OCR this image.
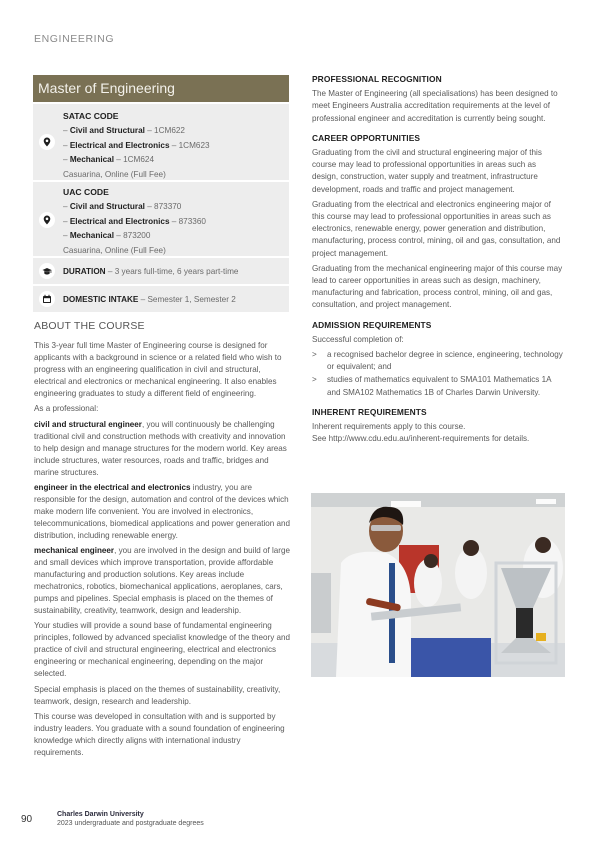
ENGINEERING
Master of Engineering
SATAC CODE
– Civil and Structural – 1CM622
– Electrical and Electronics – 1CM623
– Mechanical – 1CM624
Casuarina, Online (Full Fee)
UAC CODE
– Civil and Structural – 873370
– Electrical and Electronics – 873360
– Mechanical – 873200
Casuarina, Online (Full Fee)
DURATION – 3 years full-time, 6 years part-time
DOMESTIC INTAKE – Semester 1, Semester 2
ABOUT THE COURSE

This 3-year full time Master of Engineering course is designed for applicants with a background in science or a related field who wish to progress with an engineering qualification in civil and structural, electrical and electronics or mechanical engineering. It also enables engineering graduates to study a different field of engineering.

As a professional:

civil and structural engineer, you will continuously be challenging traditional civil and construction methods with creativity and innovation to help design and manage structures for the modern world. Key areas include structures, water resources, roads and traffic, bridges and marine structures.

engineer in the electrical and electronics industry, you are responsible for the design, automation and control of the devices which make modern life convenient. You are involved in electronics, telecommunications, biomedical applications and power generation and distribution, including renewable energy.

mechanical engineer, you are involved in the design and build of large and small devices which improve transportation, provide affordable manufacturing and production solutions. Key areas include mechatronics, robotics, biomechanical applications, aeroplanes, cars, pumps and pipelines. Special emphasis is placed on the themes of sustainability, creativity, teamwork, design and leadership.

Your studies will provide a sound base of fundamental engineering principles, followed by advanced specialist knowledge of the theory and practice of civil and structural engineering, electrical and electronics engineering or mechanical engineering, depending on the major selected.

Special emphasis is placed on the themes of sustainability, creativity, teamwork, design, research and leadership.

This course was developed in consultation with and is supported by industry leaders. You graduate with a sound foundation of engineering knowledge which directly aligns with international industry requirements.

PROFESSIONAL RECOGNITION

The Master of Engineering (all specialisations) has been designed to meet Engineers Australia accreditation requirements at the level of professional engineer and accreditation is currently being sought.

CAREER OPPORTUNITIES

Graduating from the civil and structural engineering major of this course may lead to professional opportunities in areas such as design, construction, water supply and treatment, infrastructure development, roads and traffic and project management.

Graduating from the electrical and electronics engineering major of this course may lead to professional opportunities in areas such as electronics, renewable energy, power generation and distribution, manufacturing, process control, mining, oil and gas, consultation, and project management.

Graduating from the mechanical engineering major of this course may lead to career opportunities in areas such as design, machinery, manufacturing and fabrication, process control, mining, oil and gas, consultation, and project management.

ADMISSION REQUIREMENTS

Successful completion of:

> a recognised bachelor degree in science, engineering, technology or equivalent; and
> studies of mathematics equivalent to SMA101 Mathematics 1A and SMA102 Mathematics 1B of Charles Darwin University.
INHERENT REQUIREMENTS
Inherent requirements apply to this course.
See http://www.cdu.edu.au/inherent-requirements for details.
90	Charles Darwin University
2023 undergraduate and postgraduate degrees
